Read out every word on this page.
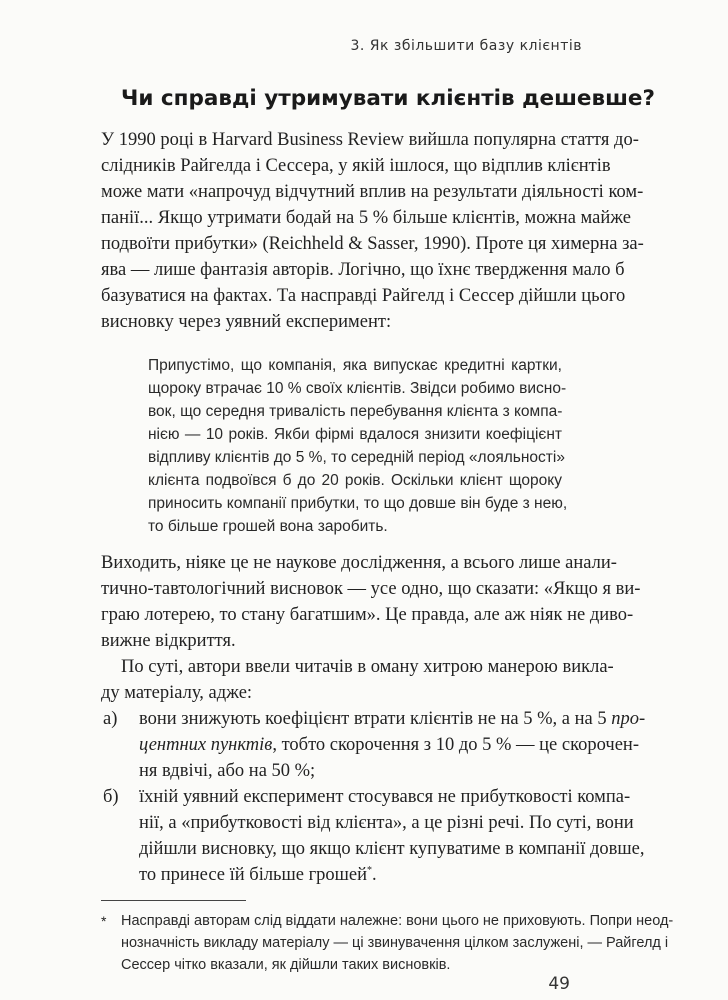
3. Як збільшити базу клієнтів
Чи справді утримувати клієнтів дешевше?
У 1990 році в Harvard Business Review вийшла популярна стаття до-
слідників Райгелда і Сессера, у якій ішлося, що відплив клієнтів
може мати «напрочуд відчутний вплив на результати діяльності ком-
панії... Якщо утримати бодай на 5 % більше клієнтів, можна майже
подвоїти прибутки» (Reichheld & Sasser, 1990). Проте ця химерна за-
ява — лише фантазія авторів. Логічно, що їхнє твердження мало б
базуватися на фактах. Та насправді Райгелд і Сессер дійшли цього
висновку через уявний експеримент:
Припустімо, що компанія, яка випускає кредитні картки,
щороку втрачає 10 % своїх клієнтів. Звідси робимо висно-
вок, що середня тривалість перебування клієнта з компа-
нією — 10 років. Якби фірмі вдалося знизити коефіцієнт
відпливу клієнтів до 5 %, то середній період «лояльності»
клієнта подвоївся б до 20 років. Оскільки клієнт щороку
приносить компанії прибутки, то що довше він буде з нею,
то більше грошей вона заробить.
Виходить, ніяке це не наукове дослідження, а всього лише анали-
тично-тавтологічний висновок — усе одно, що сказати: «Якщо я ви-
граю лотерею, то стану багатшим». Це правда, але аж ніяк не диво-
вижне відкриття.
По суті, автори ввели читачів в оману хитрою манерою викла-
ду матеріалу, адже:
а) вони знижують коефіцієнт втрати клієнтів не на 5 %, а на 5 про-
центних пунктів, тобто скорочення з 10 до 5 % — це скорочен-
ня вдвічі, або на 50 %;
б) їхній уявний експеримент стосувався не прибутковості компа-
нії, а «прибутковості від клієнта», а це різні речі. По суті, вони
дійшли висновку, що якщо клієнт купуватиме в компанії довше,
то принесе їй більше грошей*.
* Насправді авторам слід віддати належне: вони цього не приховують. Попри неод-
нозначність викладу матеріалу — ці звинувачення цілком заслужені, — Райгелд і
Сессер чітко вказали, як дійшли таких висновків.
49
